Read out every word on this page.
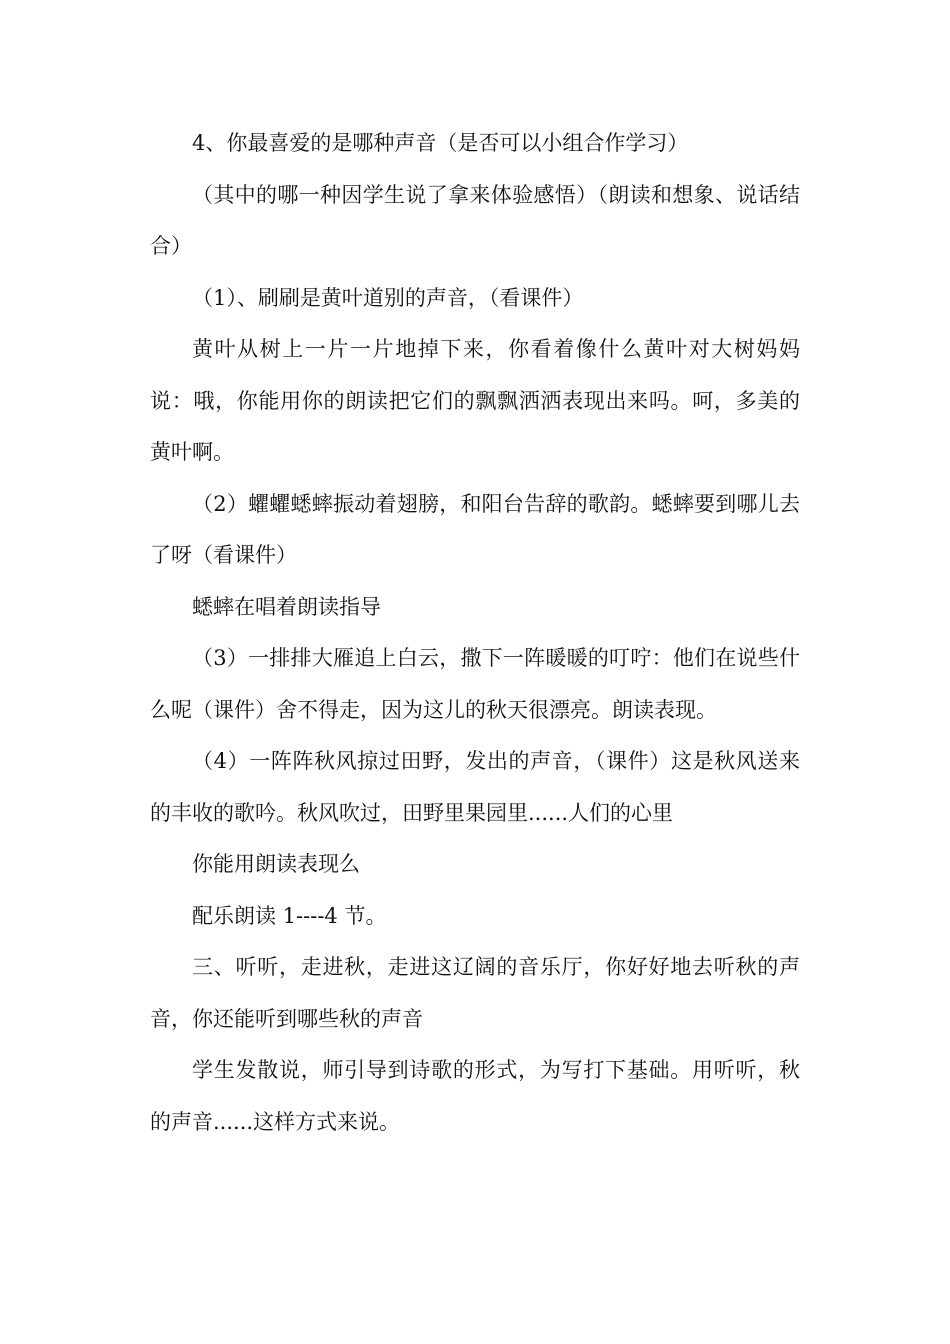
4、你最喜爱的是哪种声音（是否可以小组合作学习）

（其中的哪一种因学生说了拿来体验感悟）（朗读和想象、说话结合）

（1）、刷刷是黄叶道别的声音，（看课件）

黄叶从树上一片一片地掉下来，你看着像什么黄叶对大树妈妈说：哦，你能用你的朗读把它们的飘飘洒洒表现出来吗。呵，多美的黄叶啊。

（2）蠷蠷蟋蟀振动着翅膀，和阳台告辞的歌韵。蟋蟀要到哪儿去了呀（看课件）

蟋蟀在唱着朗读指导

（3）一排排大雁追上白云，撒下一阵暖暖的叮咛：他们在说些什么呢（课件）舍不得走，因为这儿的秋天很漂亮。朗读表现。

（4）一阵阵秋风掠过田野，发出的声音，（课件）这是秋风送来的丰收的歌吟。秋风吹过，田野里果园里......人们的心里

你能用朗读表现么

配乐朗读 1----4 节。

三、听听，走进秋，走进这辽阔的音乐厅，你好好地去听秋的声音，你还能听到哪些秋的声音

学生发散说，师引导到诗歌的形式，为写打下基础。用听听，秋的声音......这样方式来说。
